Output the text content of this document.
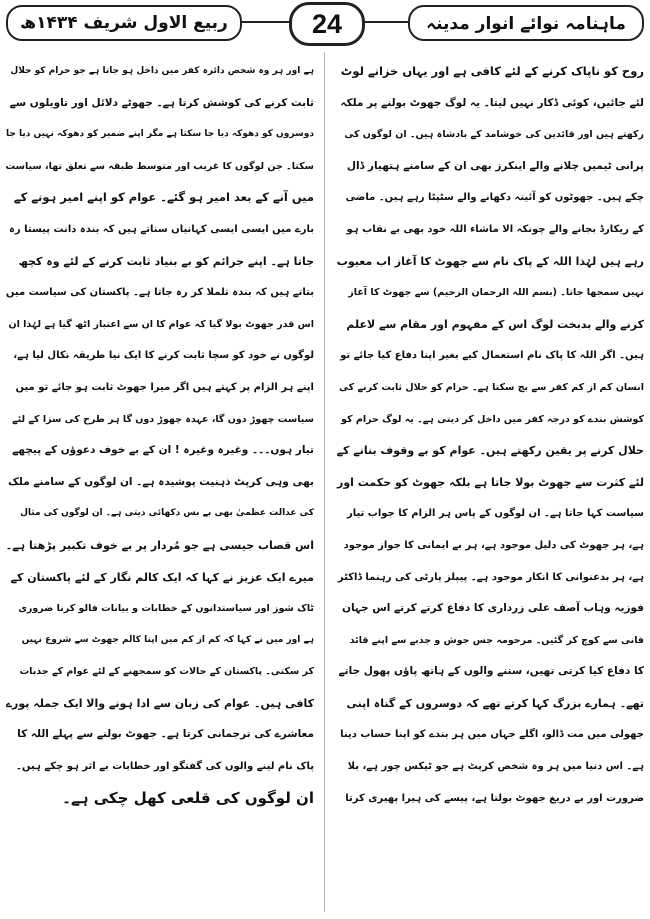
ماہنامہ نوائے انوار مدینہ
24
ربیع الاول شریف ۱۴۳۴ھ
روح کو ناپاک کرنے کے لئے کافی ہے اور یہاں خزانے لوٹ
لئے جائیں، کوئی ڈکار نہیں لیتا۔ یہ لوگ جھوٹ بولنے پر ملکہ
رکھتے ہیں اور قائدین کی خوشامد کے بادشاہ ہیں۔ ان لوگوں کی
پرانی ٹیمیں چلانے والے اینکرز بھی ان کے سامنے ہتھیار ڈال
چکے ہیں۔ جھوٹوں کو آئینہ دکھانے والے سٹپٹا رہے ہیں۔ ماضی
کے ریکارڈ بجانے والے چونکہ الا ماشاء اللہ خود بھی بے نقاب ہو
رہے ہیں لہٰذا اللہ کے پاک نام سے جھوٹ کا آغاز اب معیوب
نہیں سمجھا جاتا۔ (بسم اللہ الرحمان الرحیم) سے جھوٹ کا آغاز
کرنے والے بدبخت لوگ اس کے مفہوم اور مقام سے لاعلم
ہیں۔ اگر اللہ کا پاک نام استعمال کیے بغیر اپنا دفاع کیا جائے تو
انسان کم از کم کفر سے بچ سکتا ہے۔ حرام کو حلال ثابت کرنے کی
کوشش بندے کو درجہ کفر میں داخل کر دیتی ہے۔ یہ لوگ حرام کو
حلال کرنے پر یقین رکھتے ہیں۔ عوام کو بے وقوف بنانے کے
لئے کثرت سے جھوٹ بولا جاتا ہے بلکہ جھوٹ کو حکمت اور
سیاست کہا جاتا ہے۔ ان لوگوں کے پاس ہر الزام کا جواب تیار
ہے، ہر جھوٹ کی دلیل موجود ہے، ہر بے ایمانی کا جواز موجود
ہے، ہر بدعنوانی کا انکار موجود ہے۔ پیپلز پارٹی کی رہنما ڈاکٹر
فوزیہ وہاب آصف علی زرداری کا دفاع کرتے کرتے اس جہان
فانی سے کوچ کر گئیں۔ مرحومہ جس جوش و جذبے سے اپنے قائد
کا دفاع کیا کرتی تھیں، سننے والوں کے ہاتھ پاؤں پھول جاتے
تھے۔ ہمارے بزرگ کہا کرتے تھے کہ دوسروں کے گناہ اپنی
جھولی میں مت ڈالو، اگلے جہان میں ہر بندے کو اپنا حساب دینا
ہے۔ اس دنیا میں ہر وہ شخص کرپٹ ہے جو ٹیکس چور ہے، بلا
ضرورت اور بے دریغ جھوٹ بولتا ہے، پیسے کی ہیرا پھیری کرتا
ہے اور ہر وہ شخص دائرہ کفر میں داخل ہو جاتا ہے جو حرام کو حلال
ثابت کرنے کی کوشش کرتا ہے۔ جھوٹے دلائل اور تاویلوں سے
دوسروں کو دھوکہ دیا جا سکتا ہے مگر اپنے ضمیر کو دھوکہ نہیں دیا جا
سکتا۔ جن لوگوں کا غریب اور متوسط طبقہ سے تعلق تھا، سیاست
میں آنے کے بعد امیر ہو گئے۔ عوام کو اپنے امیر ہونے کے
بارے میں ایسی ایسی کہانیاں سناتے ہیں کہ بندہ دانت پیستا رہ
جاتا ہے۔ اپنے جرائم کو بے بنیاد ثابت کرنے کے لئے وہ کچھ
بتاتے ہیں کہ بندہ تلملا کر رہ جاتا ہے۔ پاکستان کی سیاست میں
اس قدر جھوٹ بولا گیا کہ عوام کا ان سے اعتبار اٹھ گیا ہے لہٰذا ان
لوگوں نے خود کو سچا ثابت کرنے کا ایک نیا طریقہ نکال لیا ہے،
اپنے ہر الزام پر کہتے ہیں اگر میرا جھوٹ ثابت ہو جائے تو میں
سیاست چھوڑ دوں گا، عہدہ چھوڑ دوں گا ہر طرح کی سزا کے لئے
تیار ہوں۔۔۔ وغیرہ وغیرہ ! ان کے بے خوف دعوؤں کے پیچھے
بھی وہی کرپٹ ذہنیت پوشیدہ ہے۔ ان لوگوں کے سامنے ملک
کی عدالت عظمیٰ بھی بے بس دکھائی دیتی ہے۔ ان لوگوں کی مثال
اس قصاب جیسی ہے جو مُردار پر بے خوف تکبیر پڑھتا ہے۔
میرے ایک عزیز نے کہا کہ ایک کالم نگار کے لئے پاکستان کے
ٹاک شوز اور سیاستدانوں کے خطابات و بیانات فالو کرنا ضروری
ہے اور میں نے کہا کہ کم از کم میں اپنا کالم جھوٹ سے شروع نہیں
کر سکتی۔ پاکستان کے حالات کو سمجھنے کے لئے عوام کے جذبات
کافی ہیں۔ عوام کی زبان سے ادا ہونے والا ایک جملہ پورے
معاشرے کی ترجمانی کرتا ہے۔ جھوٹ بولنے سے پہلے اللہ کا
پاک نام لینے والوں کی گفتگو اور خطابات بے اثر ہو چکے ہیں۔
ان لوگوں کی قلعی کھل چکی ہے۔
